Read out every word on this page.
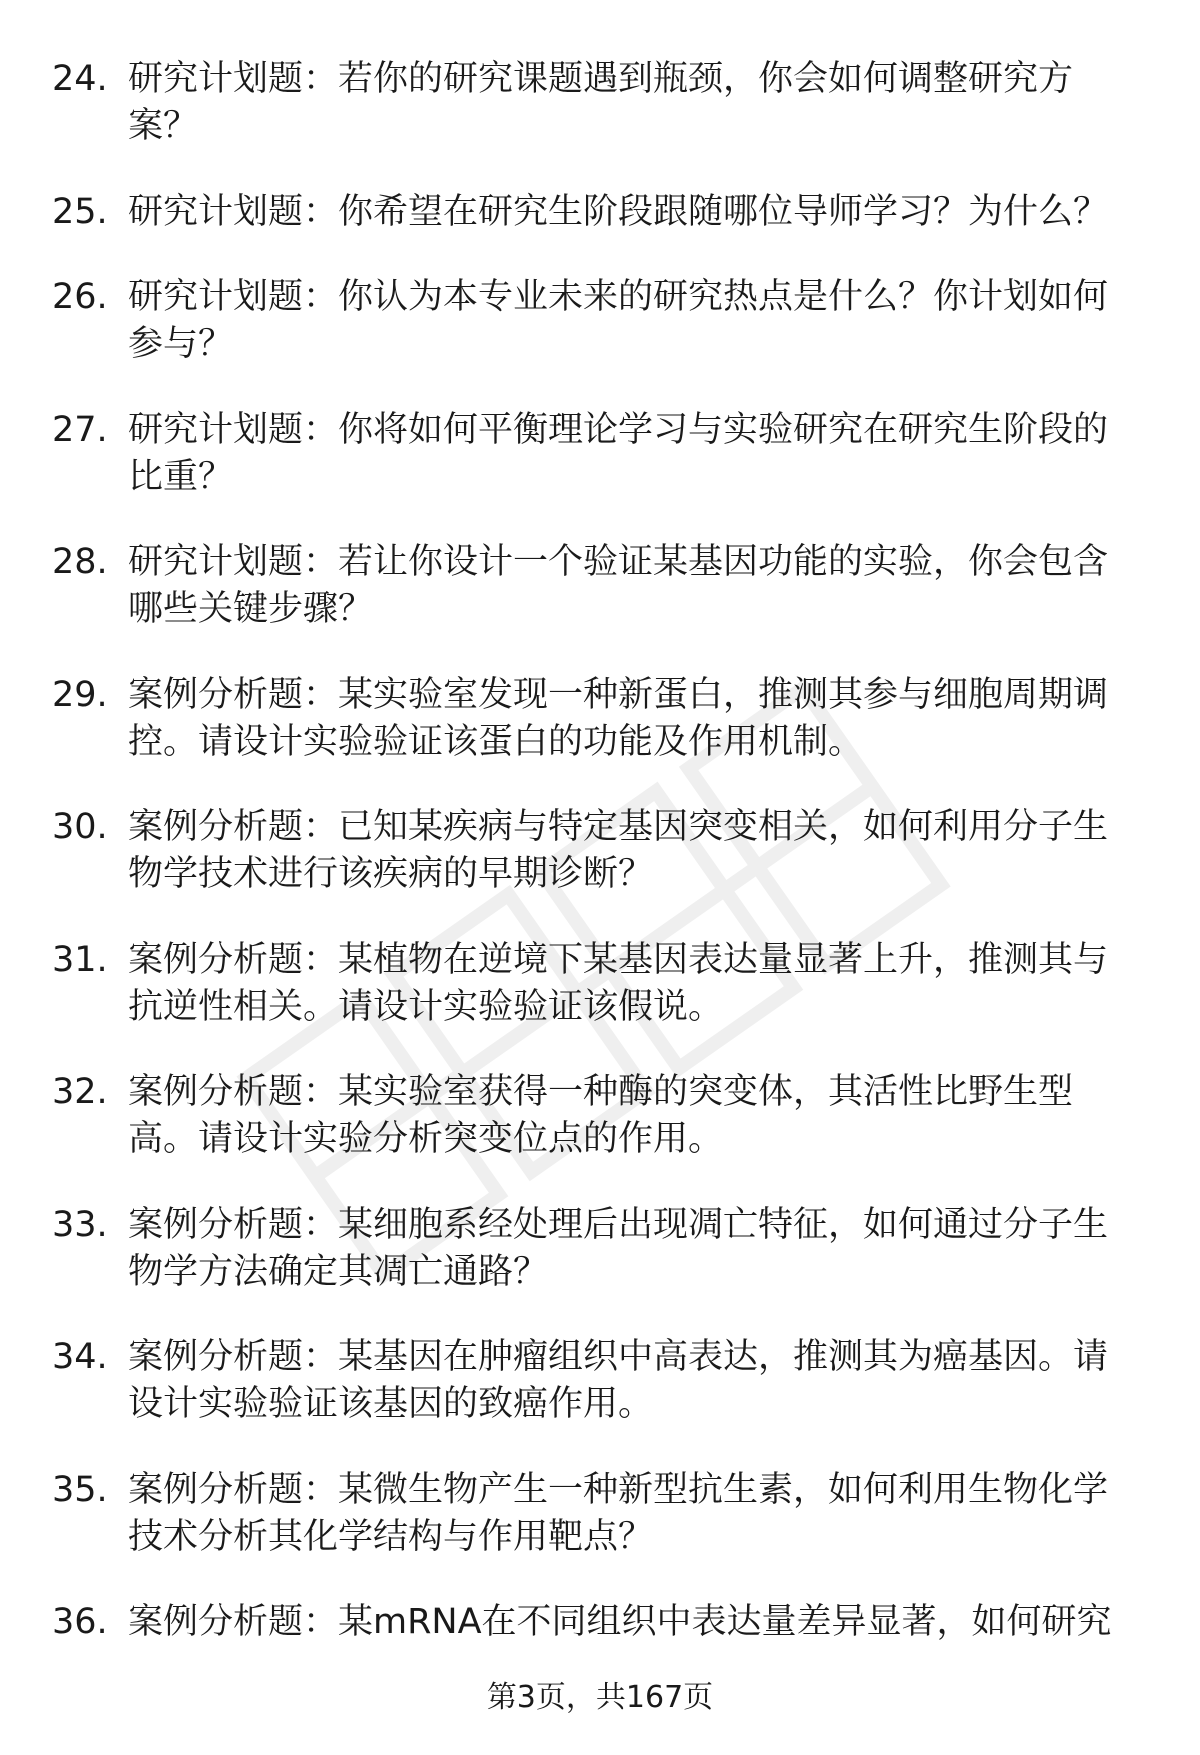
24. 研究计划题：若你的研究课题遇到瓶颈，你会如何调整研究方案？
25. 研究计划题：你希望在研究生阶段跟随哪位导师学习？为什么？
26. 研究计划题：你认为本专业未来的研究热点是什么？你计划如何参与？
27. 研究计划题：你将如何平衡理论学习与实验研究在研究生阶段的比重？
28. 研究计划题：若让你设计一个验证某基因功能的实验，你会包含哪些关键步骤？
29. 案例分析题：某实验室发现一种新蛋白，推测其参与细胞周期调控。请设计实验验证该蛋白的功能及作用机制。
30. 案例分析题：已知某疾病与特定基因突变相关，如何利用分子生物学技术进行该疾病的早期诊断？
31. 案例分析题：某植物在逆境下某基因表达量显著上升，推测其与抗逆性相关。请设计实验验证该假说。
32. 案例分析题：某实验室获得一种酶的突变体，其活性比野生型高。请设计实验分析突变位点的作用。
33. 案例分析题：某细胞系经处理后出现凋亡特征，如何通过分子生物学方法确定其凋亡通路？
34. 案例分析题：某基因在肿瘤组织中高表达，推测其为癌基因。请设计实验验证该基因的致癌作用。
35. 案例分析题：某微生物产生一种新型抗生素，如何利用生物化学技术分析其化学结构与作用靶点？
36. 案例分析题：某mRNA在不同组织中表达量差异显著，如何研究
第3页，共167页
